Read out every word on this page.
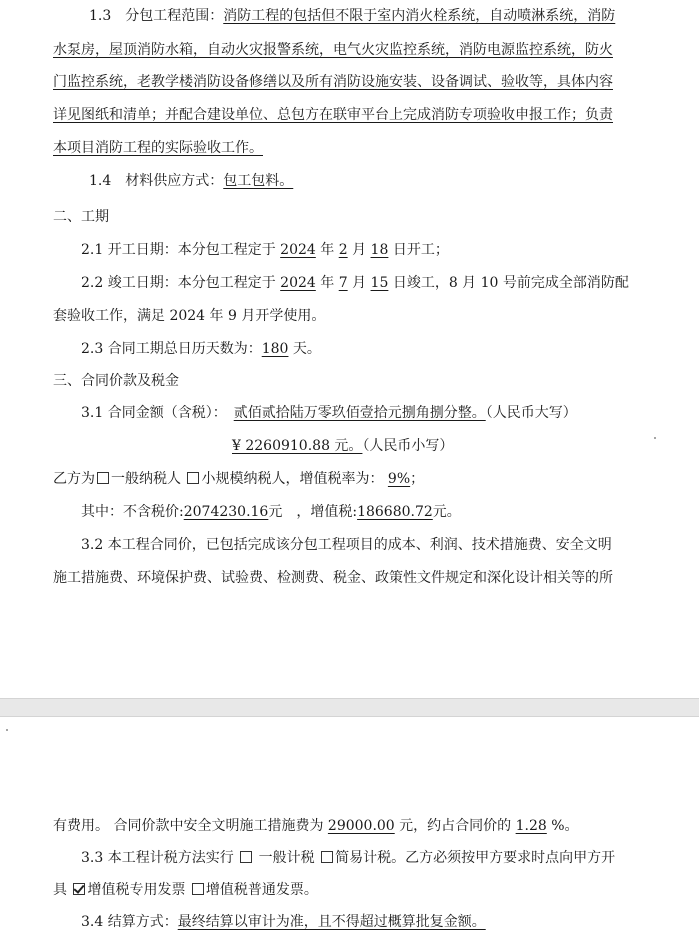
1.3　分包工程范围：消防工程的包括但不限于室内消火栓系统，自动喷淋系统，消防
水泵房，屋顶消防水箱，自动火灾报警系统，电气火灾监控系统，消防电源监控系统，防火
门监控系统，老教学楼消防设备修缮以及所有消防设施安装、设备调试、验收等，具体内容
详见图纸和清单；并配合建设单位、总包方在联审平台上完成消防专项验收申报工作；负责
本项目消防工程的实际验收工作。
1.4　材料供应方式：包工包料。
二、工期
2.1 开工日期：本分包工程定于 2024 年 2 月 18 日开工；
2.2 竣工日期：本分包工程定于 2024 年 7 月 15 日竣工，8 月 10 号前完成全部消防配
套验收工作，满足 2024 年 9 月开学使用。
2.3 合同工期总日历天数为：180 天。
三、合同价款及税金
3.1 合同金额（含税）：　贰佰贰拾陆万零玖佰壹拾元捌角捌分整。（人民币大写）
¥ 2260910.88 元。（人民币小写）
乙方为 一般纳税人 小规模纳税人，增值税率为： 9%；
其中：不含税价:2074230.16元　，增值税:186680.72元。
3.2 本工程合同价，已包括完成该分包工程项目的成本、利润、技术措施费、安全文明
施工措施费、环境保护费、试验费、检测费、税金、政策性文件规定和深化设计相关等的所
有费用。 合同价款中安全文明施工措施费为 29000.00 元，约占合同价的 1.28 %。
3.3 本工程计税方法实行 一般计税 简易计税。乙方必须按甲方要求时点向甲方开
具 增值税专用发票 增值税普通发票。
3.4 结算方式：最终结算以审计为准，且不得超过概算批复金额。
